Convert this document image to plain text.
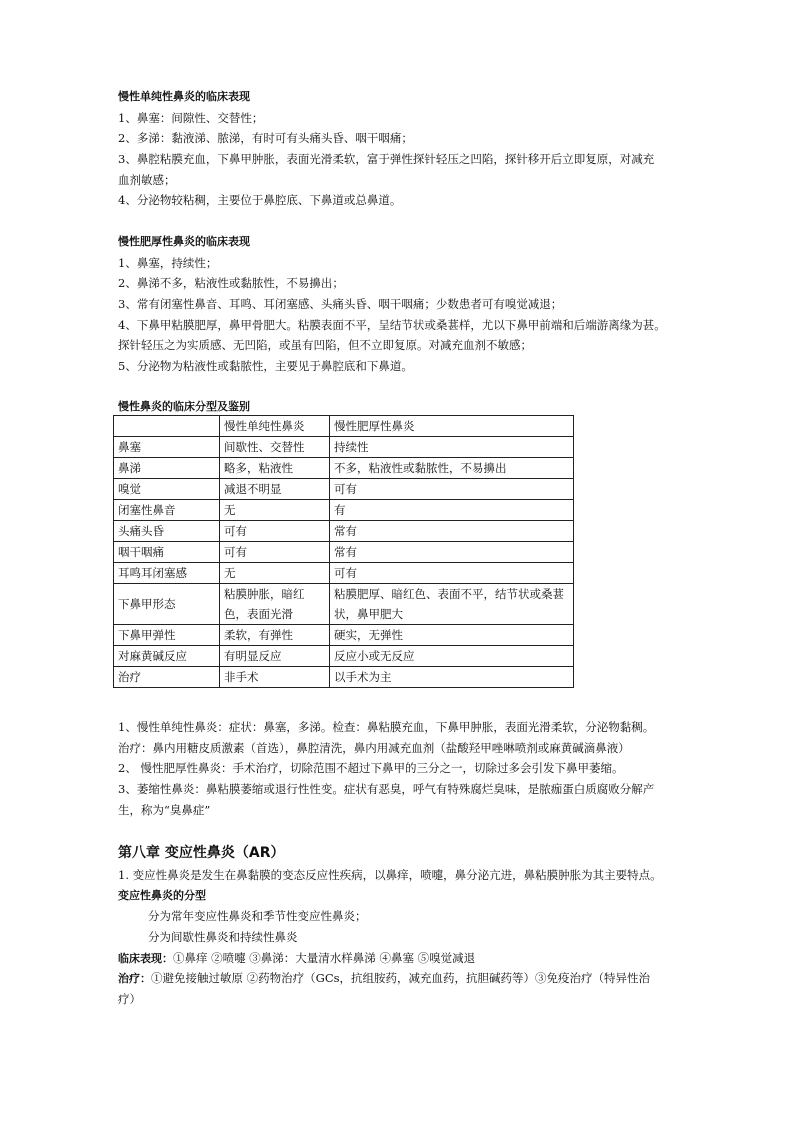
慢性单纯性鼻炎的临床表现
1、鼻塞：间隙性、交替性；
2、多涕：黏液涕、脓涕，有时可有头痛头昏、咽干咽痛；
3、鼻腔粘膜充血，下鼻甲肿胀，表面光滑柔软，富于弹性探针轻压之凹陷，探针移开后立即复原，对减充
血剂敏感；
4、分泌物较粘稠，主要位于鼻腔底、下鼻道或总鼻道。
慢性肥厚性鼻炎的临床表现
1、鼻塞，持续性；
2、鼻涕不多，粘液性或黏脓性，不易擤出；
3、常有闭塞性鼻音、耳鸣、耳闭塞感、头痛头昏、咽干咽痛；少数患者可有嗅觉减退；
4、下鼻甲粘膜肥厚，鼻甲骨肥大。粘膜表面不平，呈结节状或桑葚样，尤以下鼻甲前端和后端游离缘为甚。
探针轻压之为实质感、无凹陷，或虽有凹陷，但不立即复原。对减充血剂不敏感；
5、分泌物为粘液性或黏脓性，主要见于鼻腔底和下鼻道。
慢性鼻炎的临床分型及鉴别
	慢性单纯性鼻炎	慢性肥厚性鼻炎
鼻塞	间歇性、交替性	持续性
鼻涕	略多，粘液性	不多，粘液性或黏脓性，不易擤出
嗅觉	减退不明显	可有
闭塞性鼻音	无	有
头痛头昏	可有	常有
咽干咽痛	可有	常有
耳鸣耳闭塞感	无	可有
下鼻甲形态	粘膜肿胀，暗红色，表面光滑	粘膜肥厚、暗红色、表面不平，结节状或桑葚状，鼻甲肥大
下鼻甲弹性	柔软，有弹性	硬实，无弹性
对麻黄碱反应	有明显反应	反应小或无反应
治疗	非手术	以手术为主
1、慢性单纯性鼻炎：症状：鼻塞，多涕。检查：鼻粘膜充血，下鼻甲肿胀，表面光滑柔软，分泌物黏稠。
治疗：鼻内用糖皮质激素（首选），鼻腔清洗，鼻内用减充血剂（盐酸羟甲唑啉喷剂或麻黄碱滴鼻液）
2、 慢性肥厚性鼻炎：手术治疗，切除范围不超过下鼻甲的三分之一，切除过多会引发下鼻甲萎缩。
3、萎缩性鼻炎：鼻粘膜萎缩或退行性性变。症状有恶臭，呼气有特殊腐烂臭味，是脓痂蛋白质腐败分解产
生，称为“臭鼻症”
第八章 变应性鼻炎（AR）
1. 变应性鼻炎是发生在鼻黏膜的变态反应性疾病，以鼻痒，喷嚏，鼻分泌亢进，鼻粘膜肿胀为其主要特点。
变应性鼻炎的分型
分为常年变应性鼻炎和季节性变应性鼻炎；
分为间歇性鼻炎和持续性鼻炎
临床表现：①鼻痒 ②喷嚏 ③鼻涕：大量清水样鼻涕 ④鼻塞 ⑤嗅觉减退
治疗：①避免接触过敏原 ②药物治疗（GCs，抗组胺药，减充血药，抗胆碱药等）③免疫治疗（特异性治
疗）
